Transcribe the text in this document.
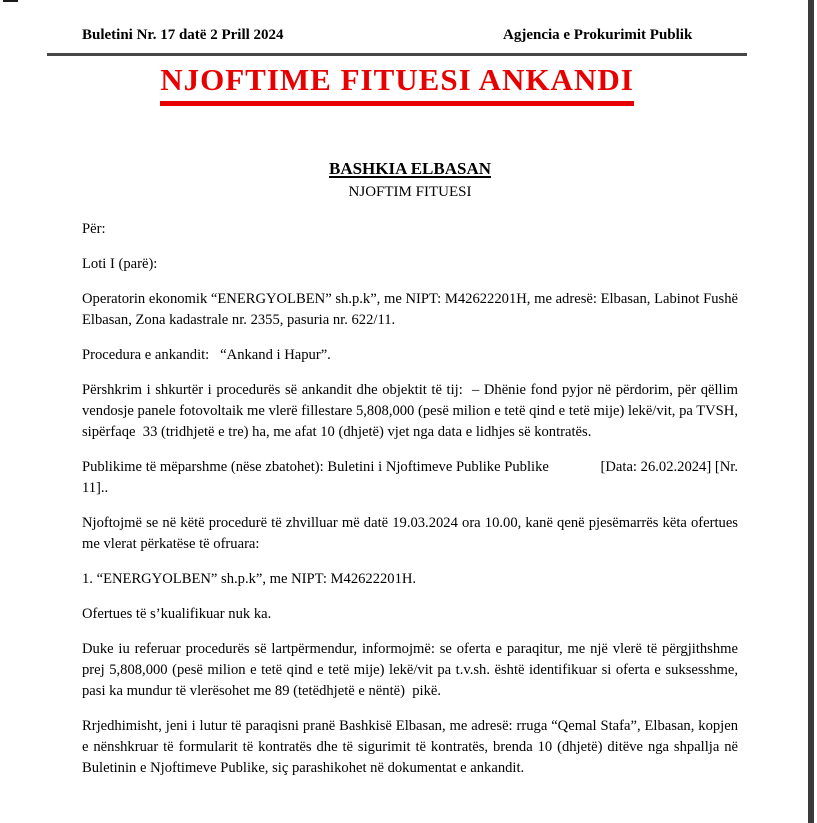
Buletini Nr. 17 datë 2 Prill 2024	Agjencia e Prokurimit Publik
NJOFTIME FITUESI ANKANDI
BASHKIA ELBASAN
NJOFTIM FITUESI

Për:

Loti I (parë):

Operatorin ekonomik “ENERGYOLBEN” sh.p.k”, me NIPT: M42622201H, me adresë: Elbasan, Labinot Fushë Elbasan, Zona kadastrale nr. 2355, pasuria nr. 622/11.

Procedura e ankandit:   “Ankand i Hapur”.

Përshkrim i shkurtër i procedurës së ankandit dhe objektit të tij:  – Dhënie fond pyjor në përdorim, për qëllim vendosje panele fotovoltaik me vlerë fillestare 5,808,000 (pesë milion e tetë qind e tetë mije) lekë/vit, pa TVSH, sipërfaqe  33 (tridhjetë e tre) ha, me afat 10 (dhjetë) vjet nga data e lidhjes së kontratës.

Publikime të mëparshme (nëse zbatohet): Buletini i Njoftimeve Publike Publike              [Data: 26.02.2024] [Nr. 11]..

Njoftojmë se në këtë procedurë të zhvilluar më datë 19.03.2024 ora 10.00, kanë qenë pjesëmarrës këta ofertues me vlerat përkatëse të ofruara:

1. “ENERGYOLBEN” sh.p.k”, me NIPT: M42622201H.

Ofertues të s’kualifikuar nuk ka.

Duke iu referuar procedurës së lartpërmendur, informojmë: se oferta e paraqitur, me një vlerë të përgjithshme prej 5,808,000 (pesë milion e tetë qind e tetë mije) lekë/vit pa t.v.sh. është identifikuar si oferta e suksesshme, pasi ka mundur të vlerësohet me 89 (tetëdhjetë e nëntë)  pikë.

Rrjedhimisht, jeni i lutur të paraqisni pranë Bashkisë Elbasan, me adresë: rruga “Qemal Stafa”, Elbasan, kopjen e nënshkruar të formularit të kontratës dhe të sigurimit të kontratës, brenda 10 (dhjetë) ditëve nga shpallja në Buletinin e Njoftimeve Publike, siç parashikohet në dokumentat e ankandit.
